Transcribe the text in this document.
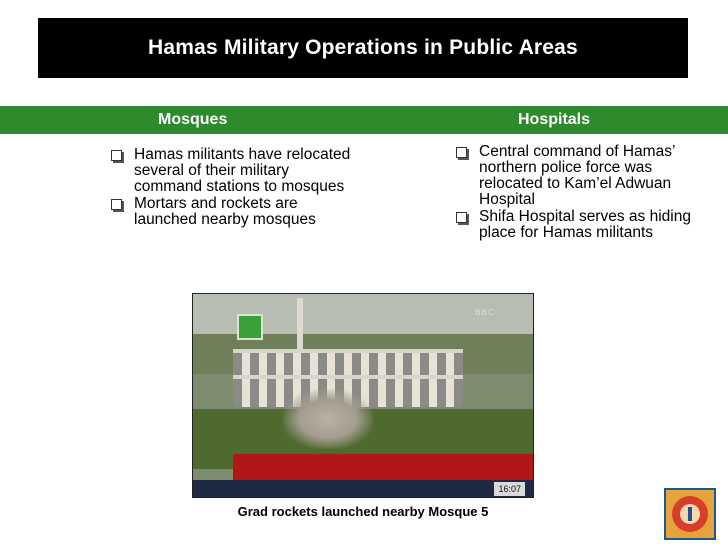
Hamas Military Operations in Public Areas
Mosques	Hospitals
Hamas militants have relocated several of their military command stations to mosques
Mortars and rockets are launched nearby mosques
Central command of Hamas’ northern police force was relocated to Kam’el Adwuan Hospital
Shifa Hospital serves as hiding place for Hamas militants
BBC
16:07
Grad rockets launched nearby Mosque 5
